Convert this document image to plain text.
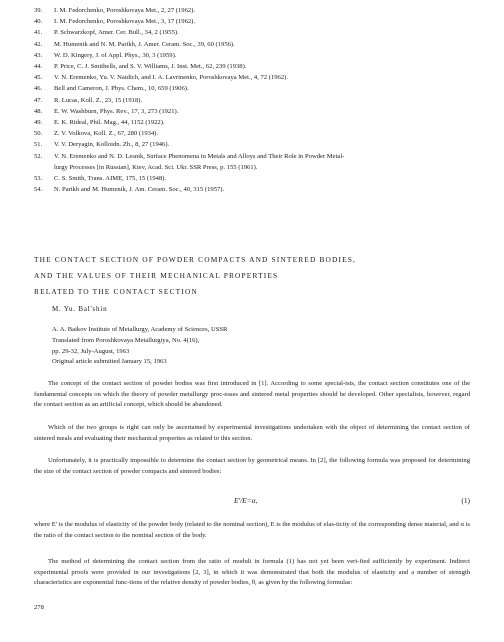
39.	I. M. Fedorchenko, Poroshkovaya Met., 2, 27 (1962).
40.	I. M. Fedorchenko, Poroshkovaya Met., 3, 17 (1962).
41.	P. Schwarzkopf, Amer. Cer. Bull., 34, 2 (1955).
42.	M. Humenik and N. M. Parikh, J. Amer. Ceram. Soc., 39, 60 (1956).
43.	W. D. Kingery, J. of Appl. Phys., 30, 3 (1959).
44.	P. Price, C. J. Smithells, and S. V. Williams, J. Inst. Met., 62, 239 (1938).
45.	V. N. Eremenko, Yu. V. Naidich, and I. A. Lavrinenko, Poroshkovaya Met., 4, 72 (1962).
46.	Bell and Cameron, J. Phys. Chem., 10, 659 (1906).
47.	R. Lucas, Koll. Z., 23, 15 (1918).
48.	E. W. Washburn, Phys. Rev., 17, 3, 273 (1921).
49.	E. K. Rideal, Phil. Mag., 44, 1152 (1922).
50.	Z. V. Volkova, Koll. Z., 67, 280 (1934).
51.	V. V. Deryagin, Kolloidn. Zh., 8, 27 (1946).
52.	V. N. Eremenko and N. D. Lesnik, Surface Phenomena in Metals and Alloys and Their Role in Powder Metal-
lurgy Processes [in Russian], Kiev, Acad. Sci. Ukr. SSR Press, p. 155 (1961).
53.	C. S. Smith, Trans. AIME, 175, 15 (1948).
54.	N. Parikh and M. Humenik, J. Am. Ceram. Soc., 40, 315 (1957).
THE CONTACT SECTION OF POWDER COMPACTS AND SINTERED BODIES,
AND THE VALUES OF THEIR MECHANICAL PROPERTIES
RELATED TO THE CONTACT SECTION
M. Yu. Bal'shin
A. A. Baikov Institute of Metallurgy, Academy of Sciences, USSR
Translated from Poroshkovaya Metallurgiya, No. 4(16),
pp. 29-32, July-August, 1963
Original article submitted January 15, 1963
The concept of the contact section of powder bodies was first introduced in [1]. According to some special-ists, the contact section constitutes one of the fundamental concepts on which the theory of powder metallurgy proc-esses and sintered metal properties should be developed. Other specialists, however, regard the contact section as an artificial concept, which should be abandoned.
Which of the two groups is right can only be ascertained by experimental investigations undertaken with the object of determining the contact section of sintered meals and evaluating their mechanical properties as related to this section.
Unfortunately, it is practically impossible to determine the contact section by geometrical means. In [2], the following formula was proposed for determining the size of the contact section of powder compacts and sintered bodies:
E'/E=α,	(1)
where E' is the modulus of elasticity of the powder body (related to the nominal section), E is the modulus of elas-ticity of the corresponding dense material, and α is the ratio of the contact section to the nominal section of the body.
The method of determining the contact section from the ratio of moduli in formula (1) has not yet been veri-fied sufficiently by experiment. Indirect experimental proofs were provided in our investigations [2, 3], in which it was demonstrated that both the modulus of elasticity and a number of strength characteristics are exponential func-tions of the relative density of powder bodies, θ, as given by the following formulas:
278
